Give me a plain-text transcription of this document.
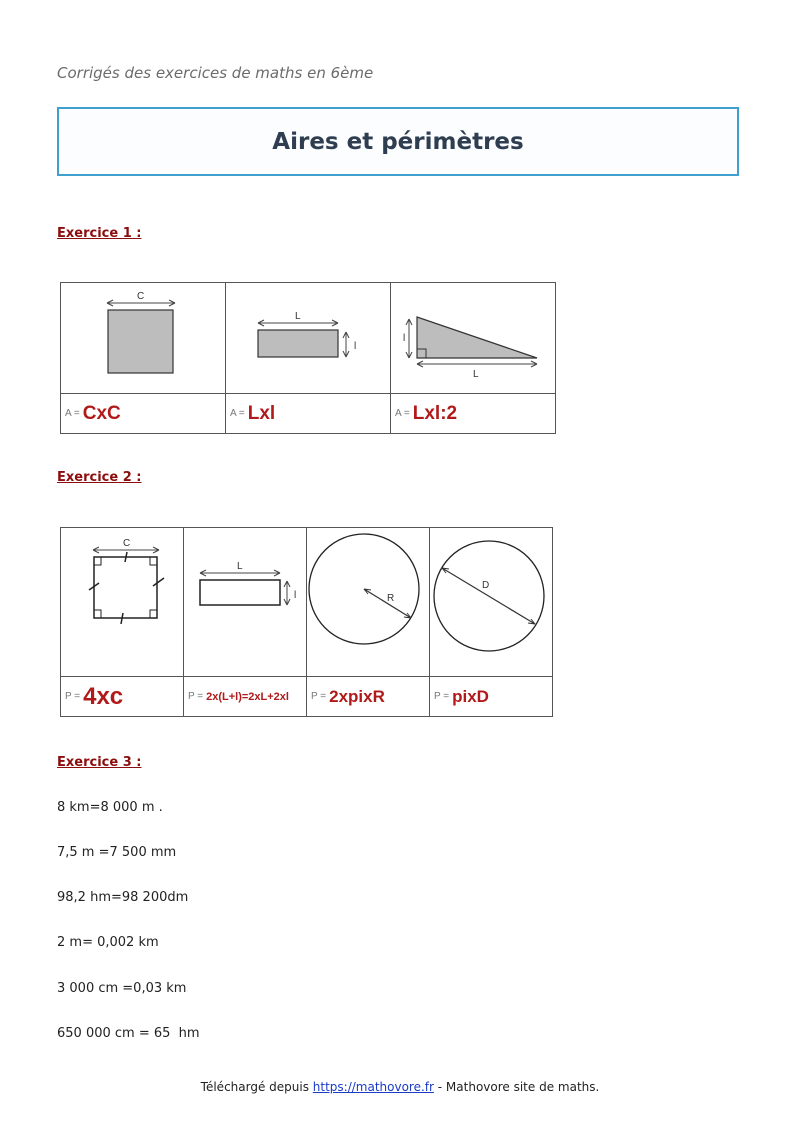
Corrigés des exercices de maths en 6ème
Aires et périmètres
Exercice 1 :
C	L
l	l
L

A = CxC	A = Lxl	A = Lxl:2
Exercice 2 :
C	L
l	R	D

P = 4xc	P = 2x(L+l)=2xL+2xl	P = 2xpixR	P = pixD
Exercice 3 :
8 km=8 000 m .
7,5 m =7 500 mm
98,2 hm=98 200dm
2 m= 0,002 km
3 000 cm =0,03 km
650 000 cm = 65  hm
Téléchargé depuis https://mathovore.fr - Mathovore site de maths.
